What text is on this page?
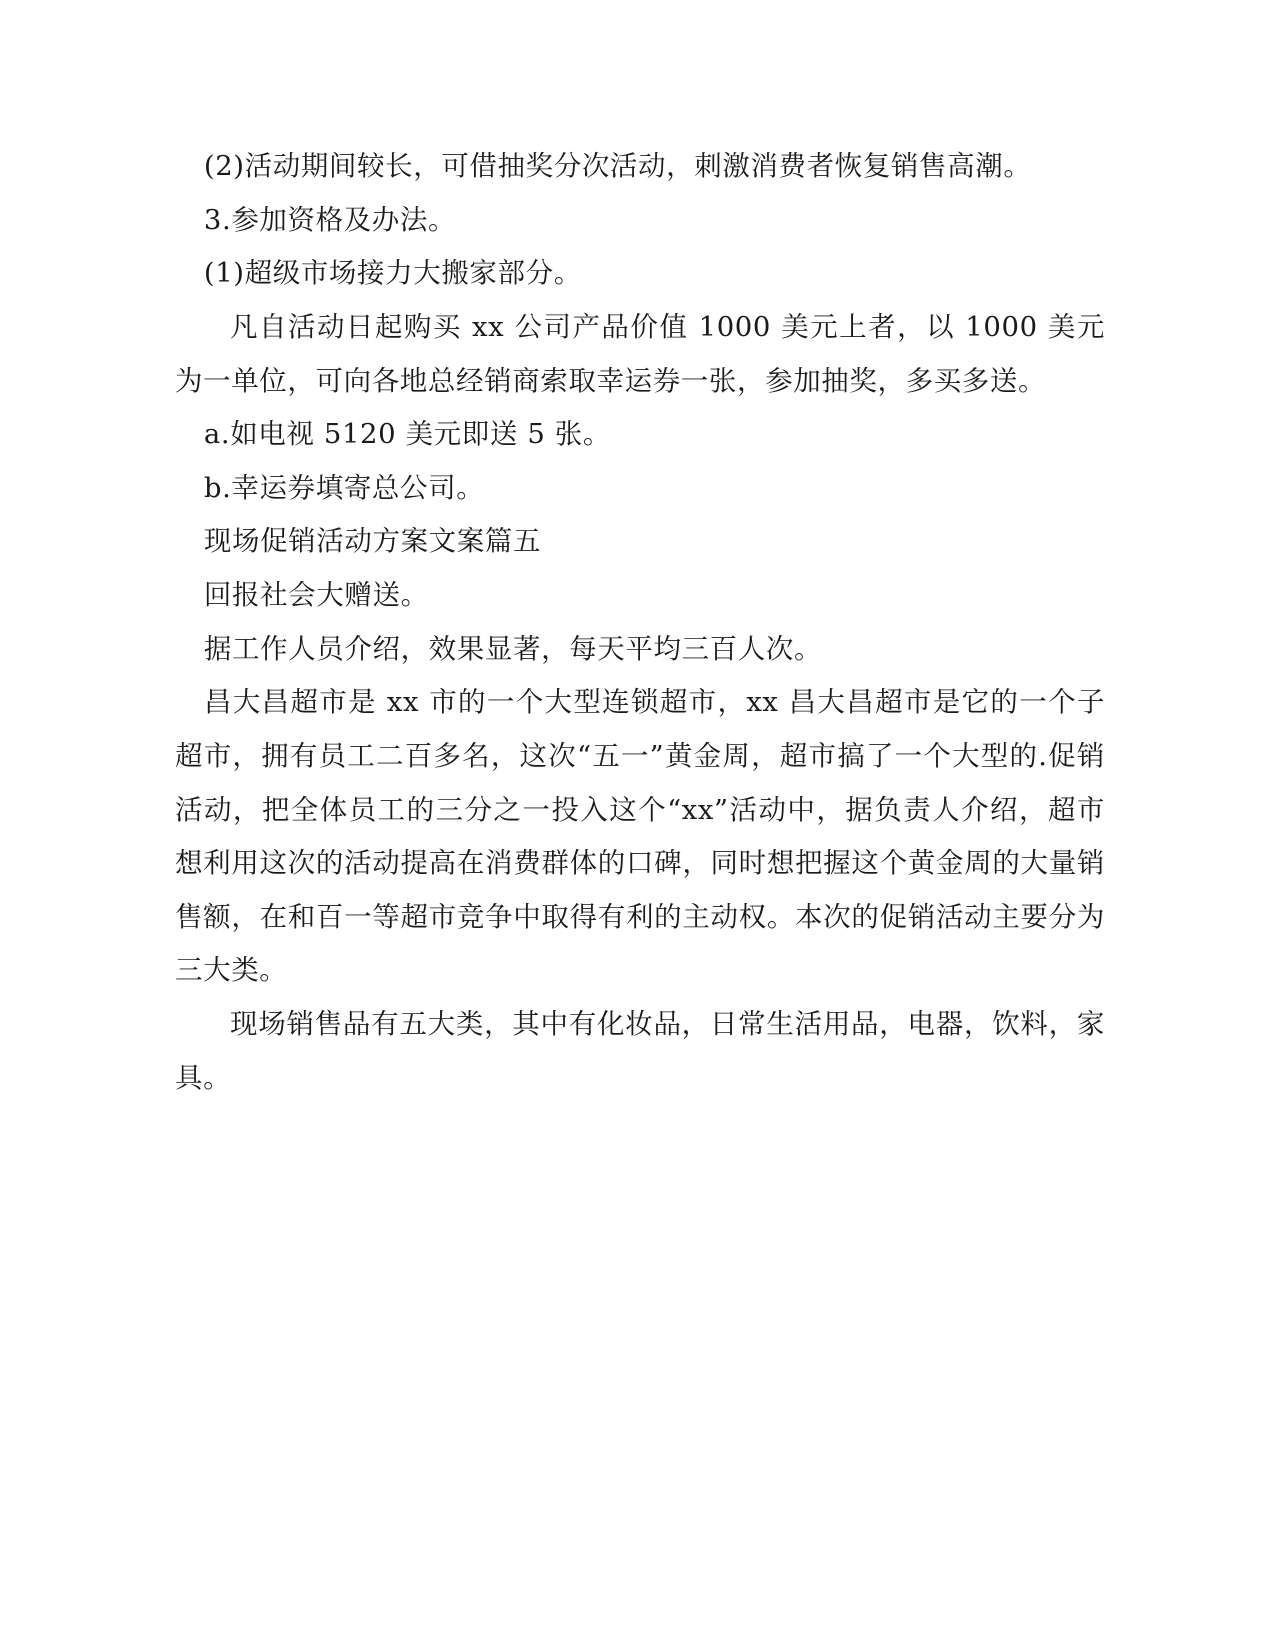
(2)活动期间较长，可借抽奖分次活动，刺激消费者恢复销售高潮。

3.参加资格及办法。

(1)超级市场接力大搬家部分。

凡自活动日起购买 xx 公司产品价值 1000 美元上者，以 1000 美元为一单位，可向各地总经销商索取幸运券一张，参加抽奖，多买多送。

a.如电视 5120 美元即送 5 张。

b.幸运券填寄总公司。

现场促销活动方案文案篇五

回报社会大赠送。

据工作人员介绍，效果显著，每天平均三百人次。

昌大昌超市是 xx 市的一个大型连锁超市，xx 昌大昌超市是它的一个子超市，拥有员工二百多名，这次“五一”黄金周，超市搞了一个大型的.促销活动，把全体员工的三分之一投入这个“xx”活动中，据负责人介绍，超市想利用这次的活动提高在消费群体的口碑，同时想把握这个黄金周的大量销售额，在和百一等超市竞争中取得有利的主动权。本次的促销活动主要分为三大类。

现场销售品有五大类，其中有化妆品，日常生活用品，电器，饮料，家具。
